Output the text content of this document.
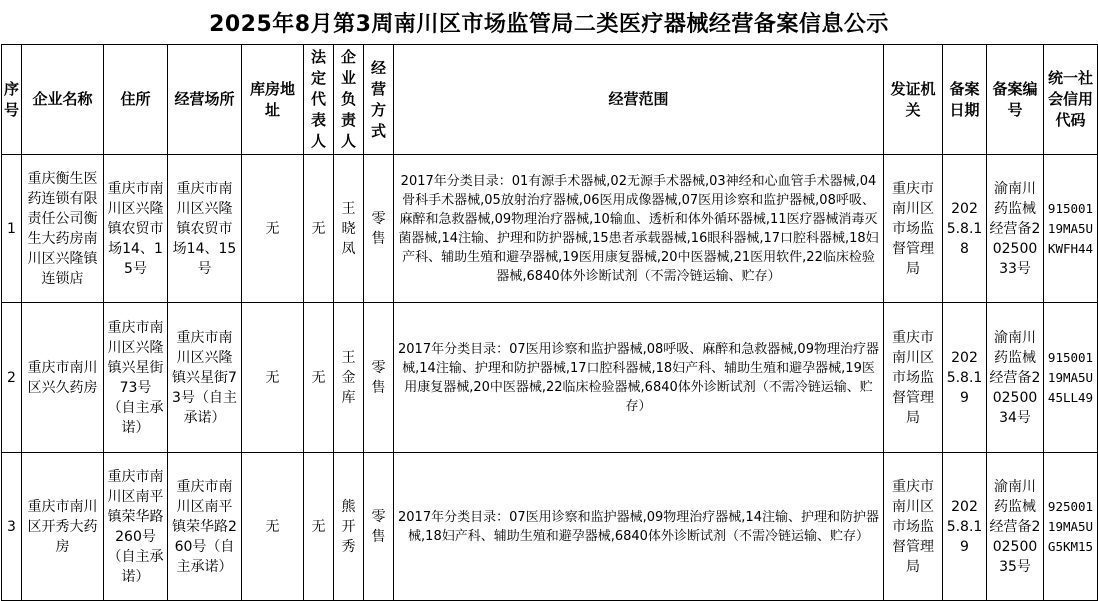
2025年8月第3周南川区市场监管局二类医疗器械经营备案信息公示
序号	企业名称	住所	经营场所	库房地址	法定代表人	企业负责人	经营方式	经营范围	发证机关	备案日期	备案编号	统一社会信用代码
1	重庆衡生医药连锁有限责任公司衡生大药房南川区兴隆镇连锁店	重庆市南川区兴隆镇农贸市场14、15号	重庆市南川区兴隆镇农贸市场14、15号	无	无	王晓凤	零售	2017年分类目录：01有源手术器械,02无源手术器械,03神经和心血管手术器械,04骨科手术器械,05放射治疗器械,06医用成像器械,07医用诊察和监护器械,08呼吸、麻醉和急救器械,09物理治疗器械,10输血、透析和体外循环器械,11医疗器械消毒灭菌器械,14注输、护理和防护器械,15患者承载器械,16眼科器械,17口腔科器械,18妇产科、辅助生殖和避孕器械,19医用康复器械,20中医器械,21医用软件,22临床检验器械,6840体外诊断试剂（不需冷链运输、贮存）	重庆市南川区市场监督管理局	2025.8.18	渝南川药监械经营备20250033号	91500119MA5UKWFH44
2	重庆市南川区兴久药房	重庆市南川区兴隆镇兴星街73号（自主承诺）	重庆市南川区兴隆镇兴星街73号（自主承诺）	无	无	王金库	零售	2017年分类目录：07医用诊察和监护器械,08呼吸、麻醉和急救器械,09物理治疗器械,14注输、护理和防护器械,17口腔科器械,18妇产科、辅助生殖和避孕器械,19医用康复器械,20中医器械,22临床检验器械,6840体外诊断试剂（不需冷链运输、贮存）	重庆市南川区市场监督管理局	2025.8.19	渝南川药监械经营备20250034号	91500119MA5U45LL49
3	重庆市南川区开秀大药房	重庆市南川区南平镇荣华路260号（自主承诺）	重庆市南川区南平镇荣华路260号（自主承诺）	无	无	熊开秀	零售	2017年分类目录：07医用诊察和监护器械,09物理治疗器械,14注输、护理和防护器械,18妇产科、辅助生殖和避孕器械,6840体外诊断试剂（不需冷链运输、贮存）	重庆市南川区市场监督管理局	2025.8.19	渝南川药监械经营备20250035号	92500119MA5UG5KM15
